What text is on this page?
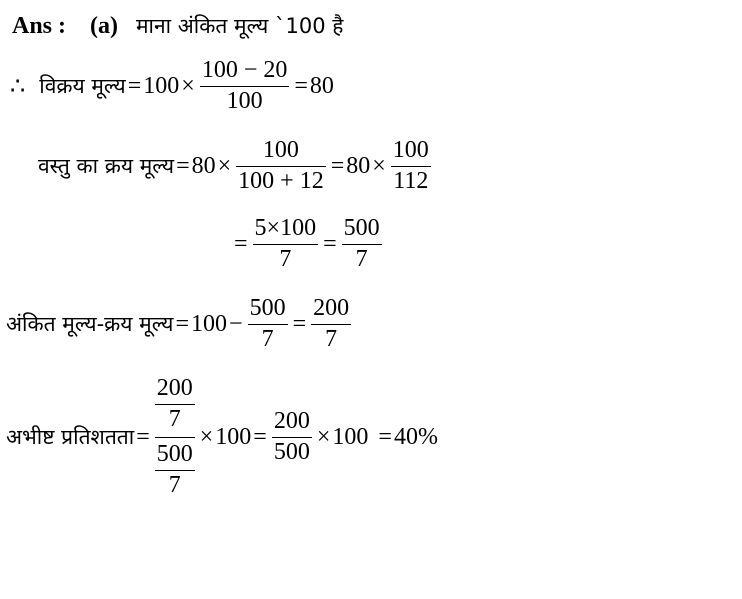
Ans : (a) माना अंकित मूल्य `100 है
∴ विक्रय मूल्य = $100 \times \frac{100 - 20}{100} = 80$
वस्तु का क्रय मूल्य = $80 \times \frac{100}{100 + 12} = 80 \times \frac{100}{112}$
= $\frac{5\times 100}{7} = \frac{500}{7}$
अंकित मूल्य-क्रय मूल्य = $100 - \frac{500}{7} = \frac{200}{7}$
अभीष्ट प्रतिशतता = $\frac{\frac{200}{7}}{\frac{500}{7}} \times 100 = \frac{200}{500} \times 100 = 40\%$
